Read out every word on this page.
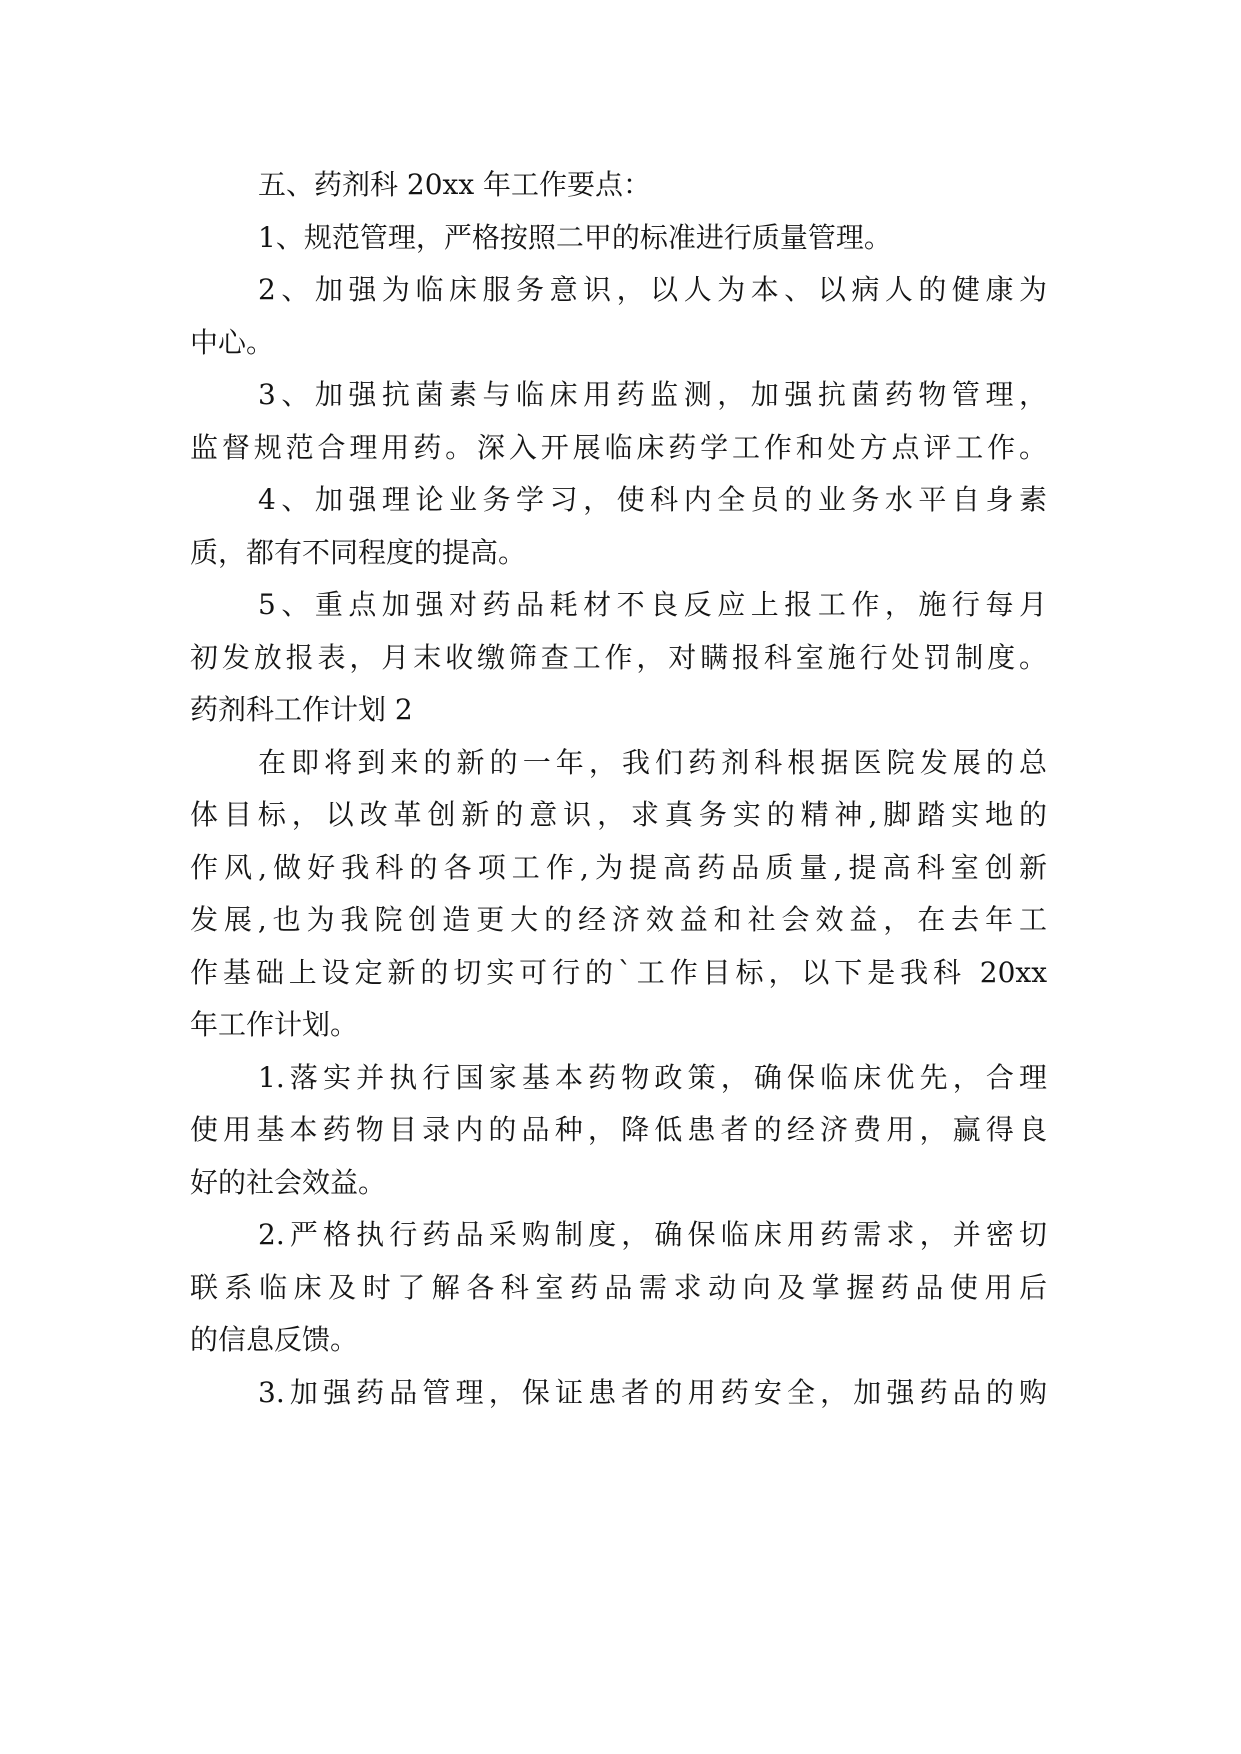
五、药剂科 20xx 年工作要点：
1、规范管理，严格按照二甲的标准进行质量管理。
2、加强为临床服务意识，以人为本、以病人的健康为
中心。
3、加强抗菌素与临床用药监测，加强抗菌药物管理，
监督规范合理用药。深入开展临床药学工作和处方点评工作。
4、加强理论业务学习，使科内全员的业务水平自身素
质，都有不同程度的提高。
5、重点加强对药品耗材不良反应上报工作，施行每月
初发放报表，月末收缴筛查工作，对瞒报科室施行处罚制度。
药剂科工作计划 2
在即将到来的新的一年，我们药剂科根据医院发展的总
体目标，以改革创新的意识，求真务实的精神,脚踏实地的
作风,做好我科的各项工作,为提高药品质量,提高科室创新
发展,也为我院创造更大的经济效益和社会效益，在去年工
作基础上设定新的切实可行的`工作目标，以下是我科 20xx
年工作计划。
1.落实并执行国家基本药物政策，确保临床优先，合理
使用基本药物目录内的品种，降低患者的经济费用，赢得良
好的社会效益。
2.严格执行药品采购制度，确保临床用药需求，并密切
联系临床及时了解各科室药品需求动向及掌握药品使用后
的信息反馈。
3.加强药品管理，保证患者的用药安全，加强药品的购
